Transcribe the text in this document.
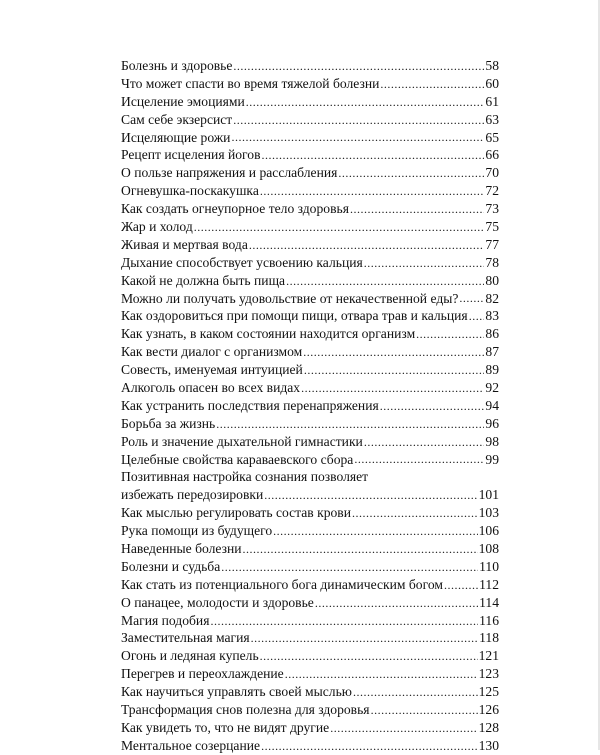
Болезнь и здоровье .....	58
Что может спасти во время тяжелой болезни .....	60
Исцеление эмоциями .....	61
Сам себе экзерсист .....	63
Исцеляющие рожи .....	65
Рецепт исцеления йогов .....	66
О пользе напряжения и расслабления .....	70
Огневушка-поскакушка .....	72
Как создать огнеупорное тело здоровья .....	73
Жар и холод .....	75
Живая и мертвая вода .....	77
Дыхание способствует усвоению кальция .....	78
Какой не должна быть пища .....	80
Можно ли получать удовольствие от некачественной еды? ..... 82
Как оздоровиться при помощи пищи, отвара трав и кальция ..... 83
Как узнать, в каком состоянии находится организм .....	86
Как вести диалог с организмом .....	87
Совесть, именуемая интуицией .....	89
Алкоголь опасен во всех видах .....	92
Как устранить последствия перенапряжения .....	94
Борьба за жизнь .....	96
Роль и значение дыхательной гимнастики .....	98
Целебные свойства караваевского сбора .....	99
Позитивная настройка сознания позволяет
избежать передозировки .....	101
Как мыслью регулировать состав крови .....	103
Рука помощи из будущего .....	106
Наведенные болезни .....	108
Болезни и судьба .....	110
Как стать из потенциального бога динамическим богом .....	112
О панацее, молодости и здоровье .....	114
Магия подобия .....	116
Заместительная магия .....	118
Огонь и ледяная купель .....	121
Перегрев и переохлаждение .....	123
Как научиться управлять своей мыслью .....	125
Трансформация снов полезна для здоровья .....	126
Как увидеть то, что не видят другие .....	128
Ментальное созерцание .....	130
